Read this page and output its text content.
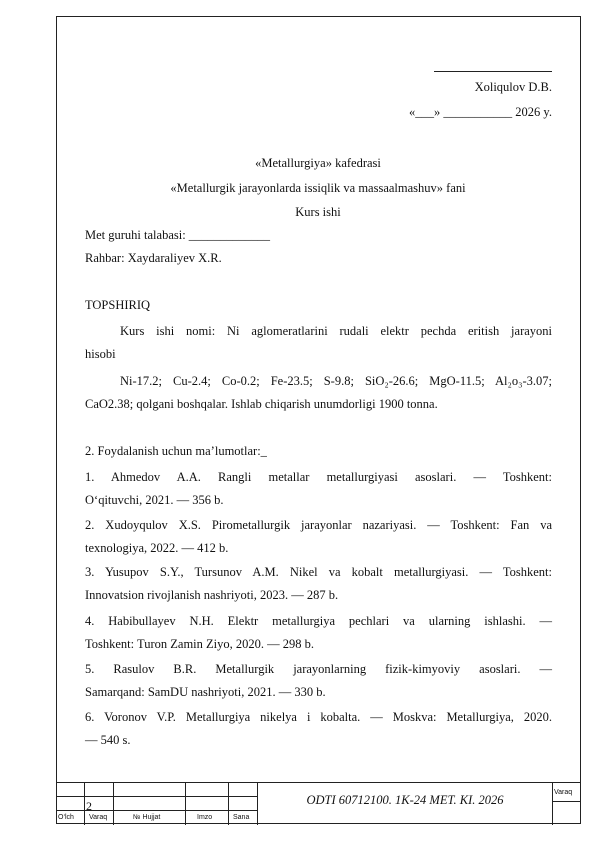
Xoliqulov D.B.
«___» ___________ 2026 y.
«Metallurgiya» kafedrasi
«Metallurgik jarayonlarda issiqlik va massaalmashuv» fani
Kurs ishi
Met guruhi talabasi: _____________
Rahbar: Xaydaraliyev X.R.
TOPSHIRIQ
Kurs ishi nomi: Ni aglomeratlarini rudali elektr pechda eritish jarayoni
hisobi
Ni-17.2; Cu-2.4; Co-0.2; Fe-23.5; S-9.8; SiO₂-26.6; MgO-11.5; Al₂o₃-3.07;
CaO2.38; qolgani boshqalar. Ishlab chiqarish unumdorligi 1900 tonna.
2. Foydalanish uchun ma’lumotlar:_
1. Ahmedov A.A. Rangli metallar metallurgiyasi asoslari. — Toshkent:
O‘qituvchi, 2021. — 356 b.
2. Xudoyqulov X.S. Pirometallurgik jarayonlar nazariyasi. — Toshkent: Fan va
texnologiya, 2022. — 412 b.
3. Yusupov S.Y., Tursunov A.M. Nikel va kobalt metallurgiyasi. — Toshkent:
Innovatsion rivojlanish nashriyoti, 2023. — 287 b.
4. Habibullayev N.H. Elektr metallurgiya pechlari va ularning ishlashi. —
Toshkent: Turon Zamin Ziyo, 2020. — 298 b.
5. Rasulov B.R. Metallurgik jarayonlarning fizik-kimyoviy asoslari. —
Samarqand: SamDU nashriyoti, 2021. — 330 b.
6. Voronov V.P. Metallurgiya nikelya i kobalta. — Moskva: Metallurgiya, 2020.
— 540 s.
2	ODTI 60712100. 1K-24 MET. KI. 2026
Varaq
O‘lch Varaq	№ Hujjat	Imzo	Sana
